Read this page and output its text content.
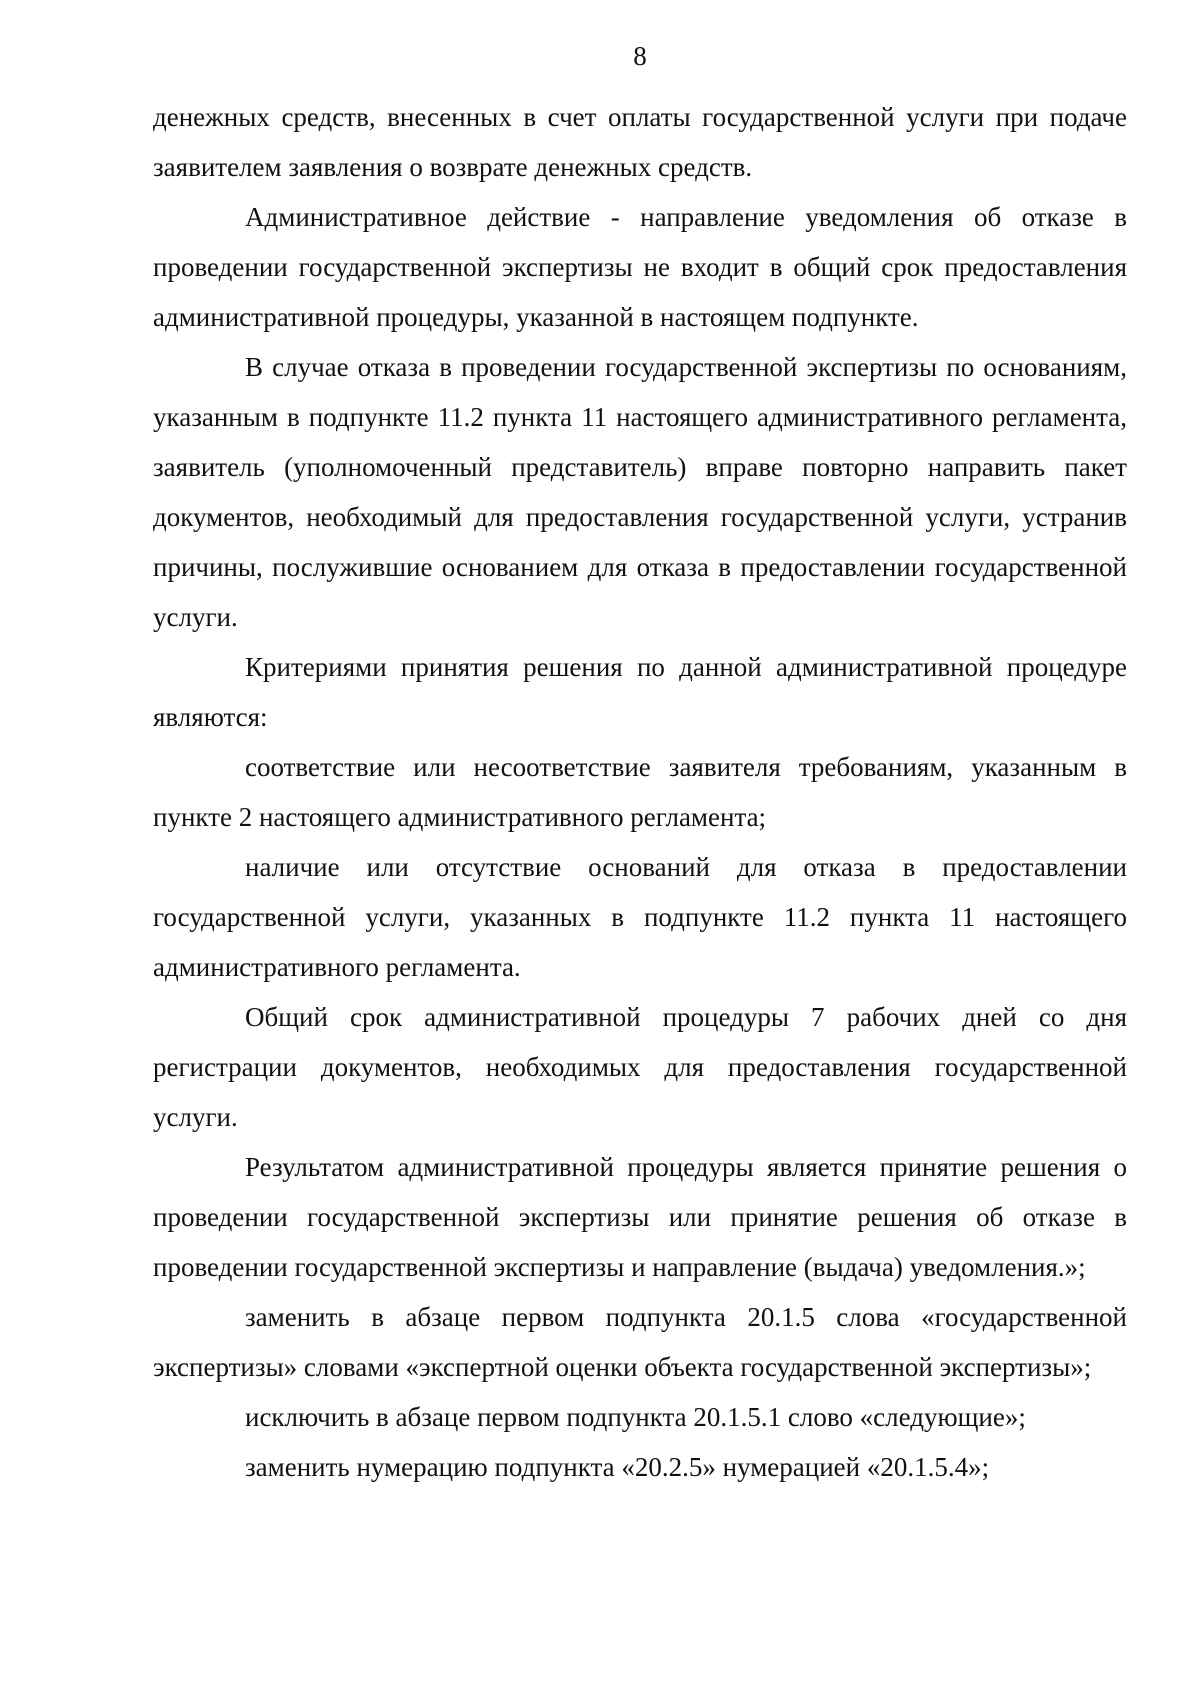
8

денежных средств, внесенных в счет оплаты государственной услуги при подаче заявителем заявления о возврате денежных средств.

Административное действие - направление уведомления об отказе в проведении государственной экспертизы не входит в общий срок предоставления административной процедуры, указанной в настоящем подпункте.

В случае отказа в проведении государственной экспертизы по основаниям, указанным в подпункте 11.2 пункта 11 настоящего административного регламента, заявитель (уполномоченный представитель) вправе повторно направить пакет документов, необходимый для предоставления государственной услуги, устранив причины, послужившие основанием для отказа в предоставлении государственной услуги.

Критериями принятия решения по данной административной процедуре являются:

соответствие или несоответствие заявителя требованиям, указанным в пункте 2 настоящего административного регламента;

наличие или отсутствие оснований для отказа в предоставлении государственной услуги, указанных в подпункте 11.2 пункта 11 настоящего административного регламента.

Общий срок административной процедуры 7 рабочих дней со дня регистрации документов, необходимых для предоставления государственной услуги.

Результатом административной процедуры является принятие решения о проведении государственной экспертизы или принятие решения об отказе в проведении государственной экспертизы и направление (выдача) уведомления.»;

заменить в абзаце первом подпункта 20.1.5 слова «государственной экспертизы» словами «экспертной оценки объекта государственной экспертизы»;

исключить в абзаце первом подпункта 20.1.5.1 слово «следующие»;

заменить нумерацию подпункта «20.2.5» нумерацией «20.1.5.4»;
